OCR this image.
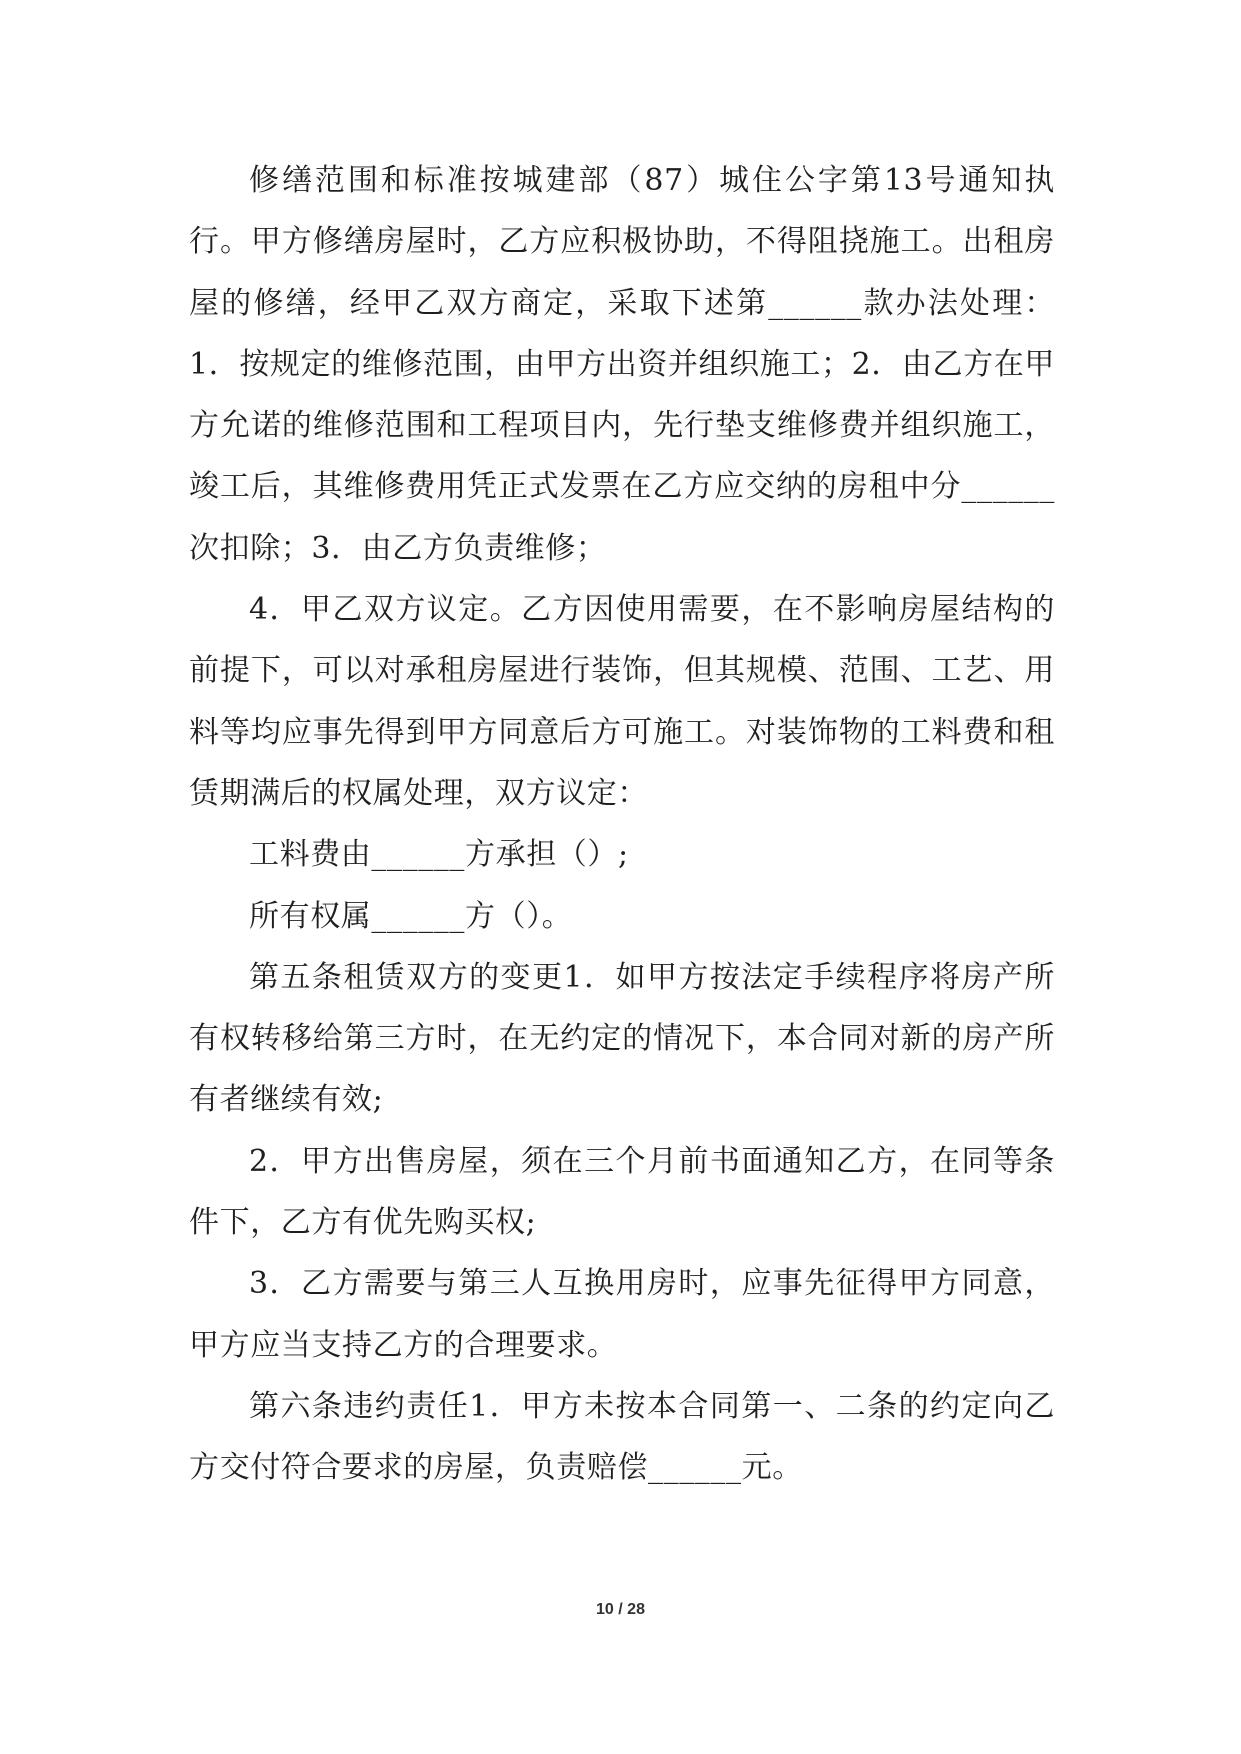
修缮范围和标准按城建部（87）城住公字第13号通知执行。甲方修缮房屋时，乙方应积极协助，不得阻挠施工。出租房屋的修缮，经甲乙双方商定，采取下述第______款办法处理：1．按规定的维修范围，由甲方出资并组织施工；2．由乙方在甲方允诺的维修范围和工程项目内，先行垫支维修费并组织施工，竣工后，其维修费用凭正式发票在乙方应交纳的房租中分______次扣除；3．由乙方负责维修；

4．甲乙双方议定。乙方因使用需要，在不影响房屋结构的前提下，可以对承租房屋进行装饰，但其规模、范围、工艺、用料等均应事先得到甲方同意后方可施工。对装饰物的工料费和租赁期满后的权属处理，双方议定：

工料费由______方承担（）;

所有权属______方（）。

第五条租赁双方的变更1．如甲方按法定手续程序将房产所有权转移给第三方时，在无约定的情况下，本合同对新的房产所有者继续有效;

2．甲方出售房屋，须在三个月前书面通知乙方，在同等条件下，乙方有优先购买权;

3．乙方需要与第三人互换用房时，应事先征得甲方同意，甲方应当支持乙方的合理要求。

第六条违约责任1．甲方未按本合同第一、二条的约定向乙方交付符合要求的房屋，负责赔偿______元。

10 / 28
